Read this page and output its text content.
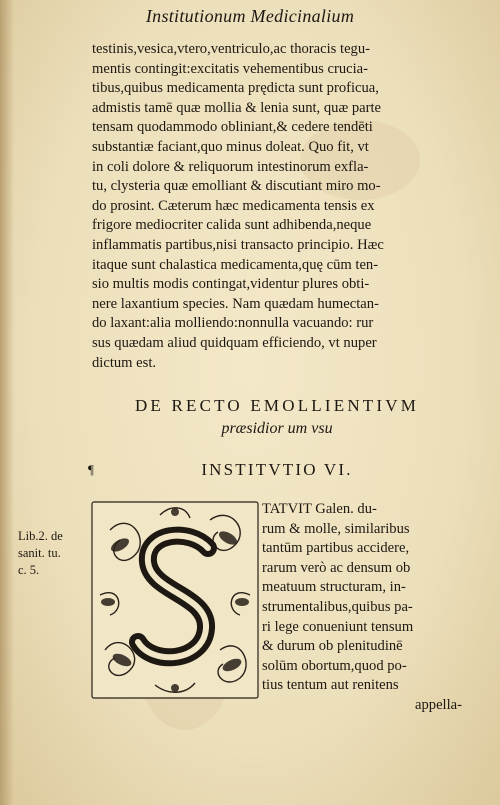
Institutionum Medicinalium
testinis,vesica,vtero,ventriculo,ac thoracis tegu-
mentis contingit:excitatis vehementibus crucia-
tibus,quibus medicamenta prędicta sunt proficua,
admistis tamē quæ mollia & lenia sunt, quæ parte
tensam quodammodo obliniant,& cedere tendēti
substantiæ faciant,quo minus doleat. Quo fit, vt
in coli dolore & reliquorum intestinorum exfla-
tu, clysteria quæ emolliant & discutiant miro mo-
do prosint. Cæterum hæc medicamenta tensis ex
frigore mediocriter calida sunt adhibenda,neque
inflammatis partibus,nisi transacto principio. Hæc
itaque sunt chalastica medicamenta,quę cūm ten-
sio multis modis contingat,videntur plures obti-
nere laxantium species. Nam quædam humectan-
do laxant:alia molliendo:nonnulla vacuando: rur
sus quædam aliud quidquam efficiendo, vt nuper
dictum est.
DE RECTO EMOLLIENTIVM
præsidior um vsu
¶	INSTITVTIO VI.
Lib.2. de
sanit. tu.
c. 5.
TATVIT Galen. du-
rum & molle, similaribus
tantūm partibus accidere,
rarum verò ac densum ob
meatuum structuram, in-
strumentalibus,quibus pa-
ri lege conueniunt tensum
& durum ob plenitudinē
solūm obortum,quod po-
tius tentum aut renitens
appella-
